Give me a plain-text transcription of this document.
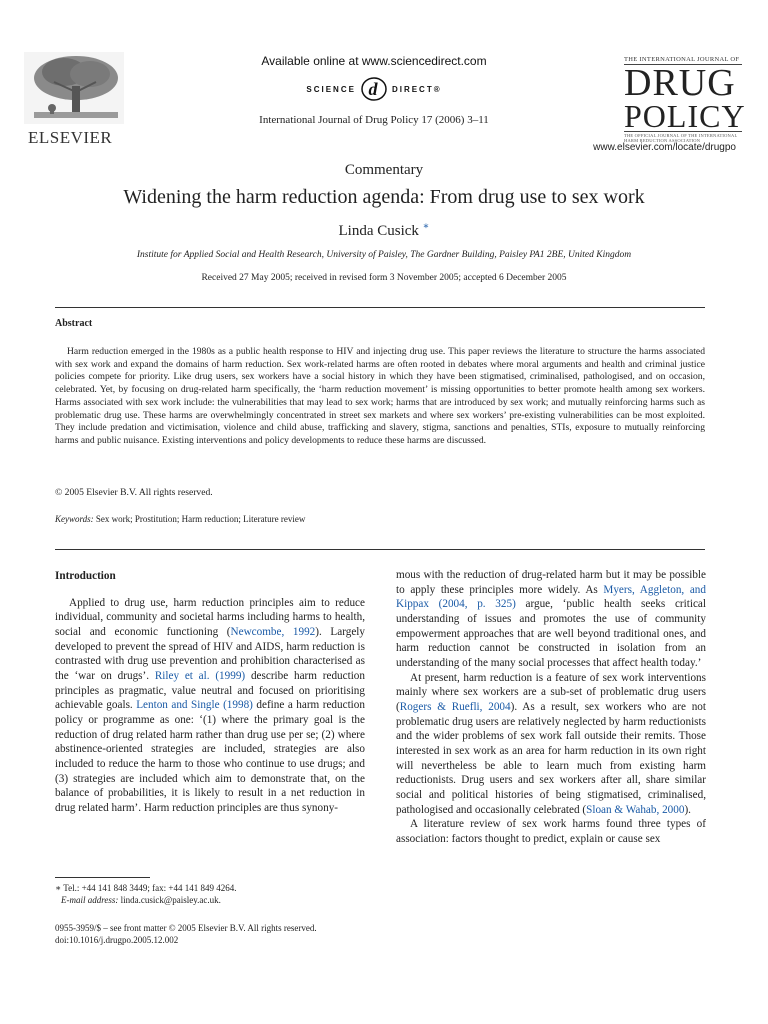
ELSEVIER
Available online at www.sciencedirect.com
SCIENCE d DIRECT ®
International Journal of Drug Policy 17 (2006) 3–11
THE INTERNATIONAL JOURNAL OF
DRUG
POLICY
THE OFFICIAL JOURNAL OF THE INTERNATIONAL HARM REDUCTION ASSOCIATION
www.elsevier.com/locate/drugpo
Commentary
Widening the harm reduction agenda: From drug use to sex work
Linda Cusick ∗
Institute for Applied Social and Health Research, University of Paisley, The Gardner Building, Paisley PA1 2BE, United Kingdom
Received 27 May 2005; received in revised form 3 November 2005; accepted 6 December 2005
Abstract
Harm reduction emerged in the 1980s as a public health response to HIV and injecting drug use. This paper reviews the literature to structure the harms associated with sex work and expand the domains of harm reduction. Sex work-related harms are often rooted in debates where moral arguments and health and criminal justice policies compete for priority. Like drug users, sex workers have a social history in which they have been stigmatised, criminalised, pathologised, and on occasion, celebrated. Yet, by focusing on drug-related harm specifically, the ‘harm reduction movement’ is missing opportunities to better promote health among sex workers. Harms associated with sex work include: the vulnerabilities that may lead to sex work; harms that are introduced by sex work; and mutually reinforcing harms such as problematic drug use. These harms are overwhelmingly concentrated in street sex markets and where sex workers’ pre-existing vulnerabilities can be most exploited. They include predation and victimisation, violence and child abuse, trafficking and slavery, stigma, sanctions and penalties, STIs, exposure to mutually reinforcing harms and public nuisance. Existing interventions and policy developments to reduce these harms are discussed.
© 2005 Elsevier B.V. All rights reserved.
Keywords: Sex work; Prostitution; Harm reduction; Literature review
Introduction

Applied to drug use, harm reduction principles aim to reduce individual, community and societal harms including harms to health, social and economic functioning (Newcombe, 1992). Largely developed to prevent the spread of HIV and AIDS, harm reduction is contrasted with drug use prevention and prohibition characterised as the ‘war on drugs’. Riley et al. (1999) describe harm reduction principles as pragmatic, value neutral and focused on prioritising achievable goals. Lenton and Single (1998) define a harm reduction policy or programme as one: ‘(1) where the primary goal is the reduction of drug related harm rather than drug use per se; (2) where abstinence-oriented strategies are included, strategies are also included to reduce the harm to those who continue to use drugs; and (3) strategies are included which aim to demonstrate that, on the balance of probabilities, it is likely to result in a net reduction in drug related harm’. Harm reduction principles are thus synony-

mous with the reduction of drug-related harm but it may be possible to apply these principles more widely. As Myers, Aggleton, and Kippax (2004, p. 325) argue, ‘public health seeks critical understanding of issues and promotes the use of community empowerment approaches that are well beyond traditional ones, and harm reduction cannot be constructed in isolation from an understanding of the many social processes that affect health today.’

At present, harm reduction is a feature of sex work interventions mainly where sex workers are a sub-set of problematic drug users (Rogers & Ruefli, 2004). As a result, sex workers who are not problematic drug users are relatively neglected by harm reductionists and the wider problems of sex work fall outside their remits. Those interested in sex work as an area for harm reduction in its own right will nevertheless be able to learn much from existing harm reductionists. Drug users and sex workers after all, share similar social and political histories of being stigmatised, criminalised, pathologised and occasionally celebrated (Sloan & Wahab, 2000).

A literature review of sex work harms found three types of association: factors thought to predict, explain or cause sex

∗ Tel.: +44 141 848 3449; fax: +44 141 849 4264.
E-mail address: linda.cusick@paisley.ac.uk.
0955-3959/$ – see front matter © 2005 Elsevier B.V. All rights reserved.
doi:10.1016/j.drugpo.2005.12.002
